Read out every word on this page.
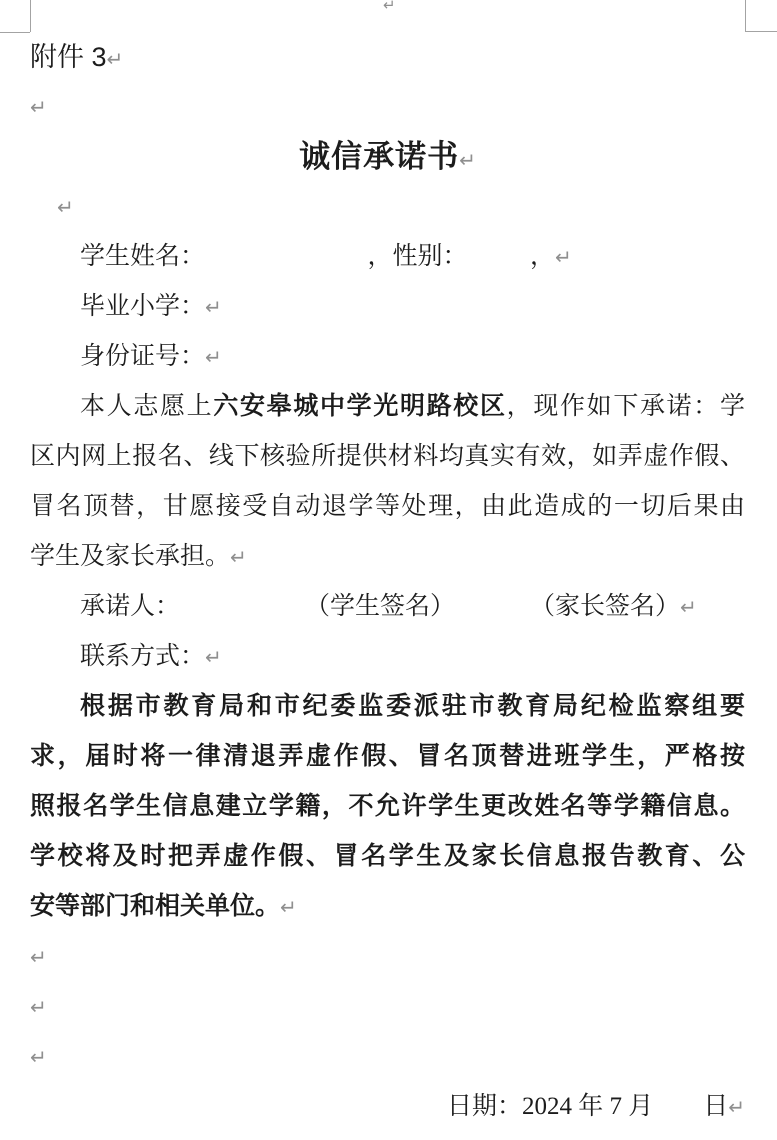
↵
附件 3↵
↵
诚信承诺书↵
↵
学生姓名：　　　　　　　，性别：　　　，↵
毕业小学：↵
身份证号：↵
本人志愿上六安皋城中学光明路校区，现作如下承诺：学
区内网上报名、线下核验所提供材料均真实有效，如弄虚作假、
冒名顶替，甘愿接受自动退学等处理，由此造成的一切后果由
学生及家长承担。↵
承诺人：　　　　　　（学生签名）　　　　（家长签名）↵
联系方式：↵
根据市教育局和市纪委监委派驻市教育局纪检监察组要
求，届时将一律清退弄虚作假、冒名顶替进班学生，严格按
照报名学生信息建立学籍，不允许学生更改姓名等学籍信息。
学校将及时把弄虚作假、冒名学生及家长信息报告教育、公
安等部门和相关单位。↵
↵
↵
↵
日期：2024 年 7 月　　日↵
